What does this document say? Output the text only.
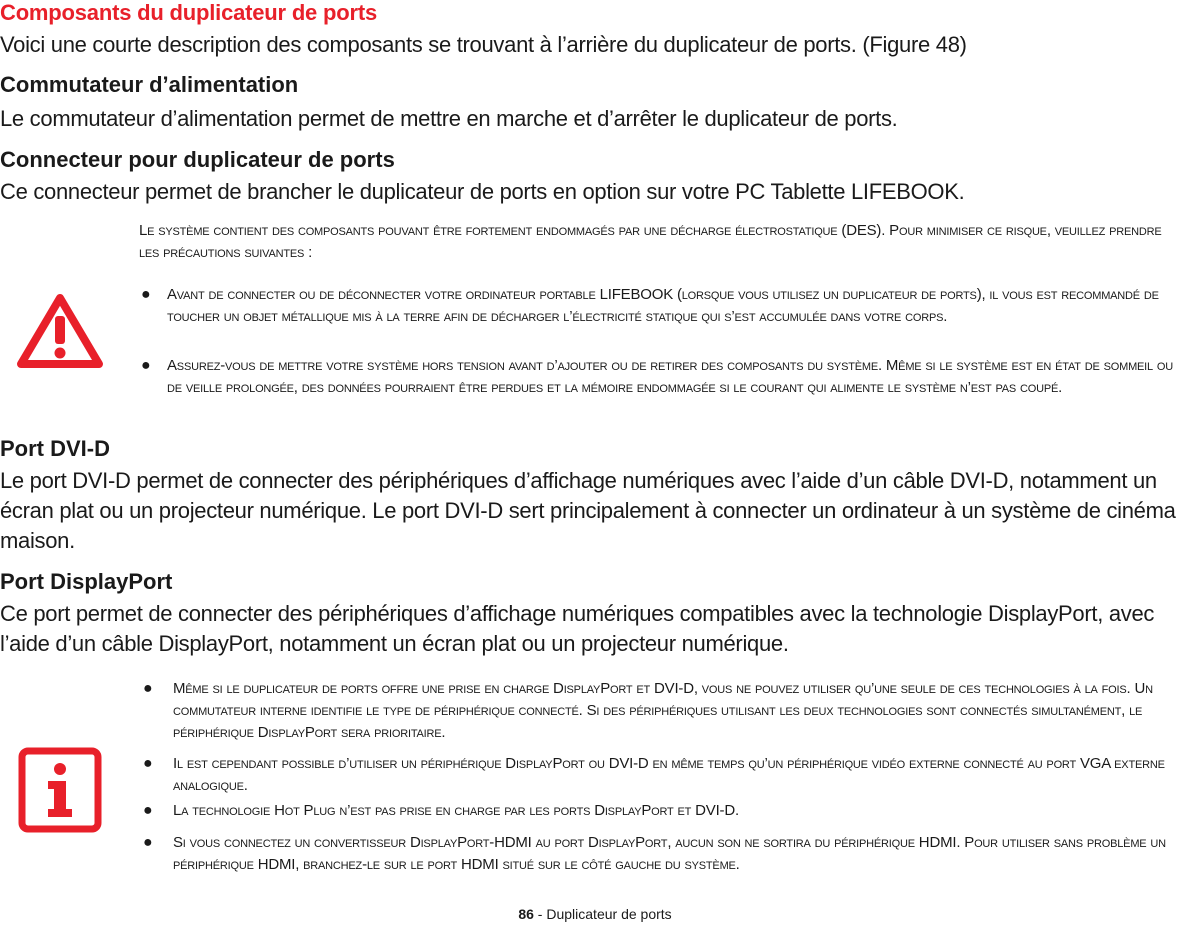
Composants du duplicateur de ports
Voici une courte description des composants se trouvant à l’arrière du duplicateur de ports. (Figure 48)
Commutateur d’alimentation
Le commutateur d’alimentation permet de mettre en marche et d’arrêter le duplicateur de ports.
Connecteur pour duplicateur de ports
Ce connecteur permet de brancher le duplicateur de ports en option sur votre PC Tablette LIFEBOOK.
Le système contient des composants pouvant être fortement endommagés par une décharge électrostatique (DES). Pour minimiser ce risque, veuillez prendre les précautions suivantes :
● Avant de connecter ou de déconnecter votre ordinateur portable LIFEBOOK (lorsque vous utilisez un duplicateur de ports), il vous est recommandé de toucher un objet métallique mis à la terre afin de décharger l’électricité statique qui s’est accumulée dans votre corps.
● Assurez-vous de mettre votre système hors tension avant d’ajouter ou de retirer des composants du système. Même si le système est en état de sommeil ou de veille prolongée, des données pourraient être perdues et la mémoire endommagée si le courant qui alimente le système n’est pas coupé.
Port DVI-D
Le port DVI-D permet de connecter des périphériques d’affichage numériques avec l’aide d’un câble DVI-D, notamment un écran plat ou un projecteur numérique. Le port DVI-D sert principalement à connecter un ordinateur à un système de cinéma maison.
Port DisplayPort
Ce port permet de connecter des périphériques d’affichage numériques compatibles avec la technologie DisplayPort, avec l’aide d’un câble DisplayPort, notamment un écran plat ou un projecteur numérique.
● Même si le duplicateur de ports offre une prise en charge DisplayPort et DVI-D, vous ne pouvez utiliser qu’une seule de ces technologies à la fois. Un commutateur interne identifie le type de périphérique connecté. Si des périphériques utilisant les deux technologies sont connectés simultanément, le périphérique DisplayPort sera prioritaire.
● Il est cependant possible d’utiliser un périphérique DisplayPort ou DVI-D en même temps qu’un périphérique vidéo externe connecté au port VGA externe analogique.
● La technologie Hot Plug n’est pas prise en charge par les ports DisplayPort et DVI-D.
● Si vous connectez un convertisseur DisplayPort-HDMI au port DisplayPort, aucun son ne sortira du périphérique HDMI. Pour utiliser sans problème un périphérique HDMI, branchez-le sur le port HDMI situé sur le côté gauche du système.
86 - Duplicateur de ports
